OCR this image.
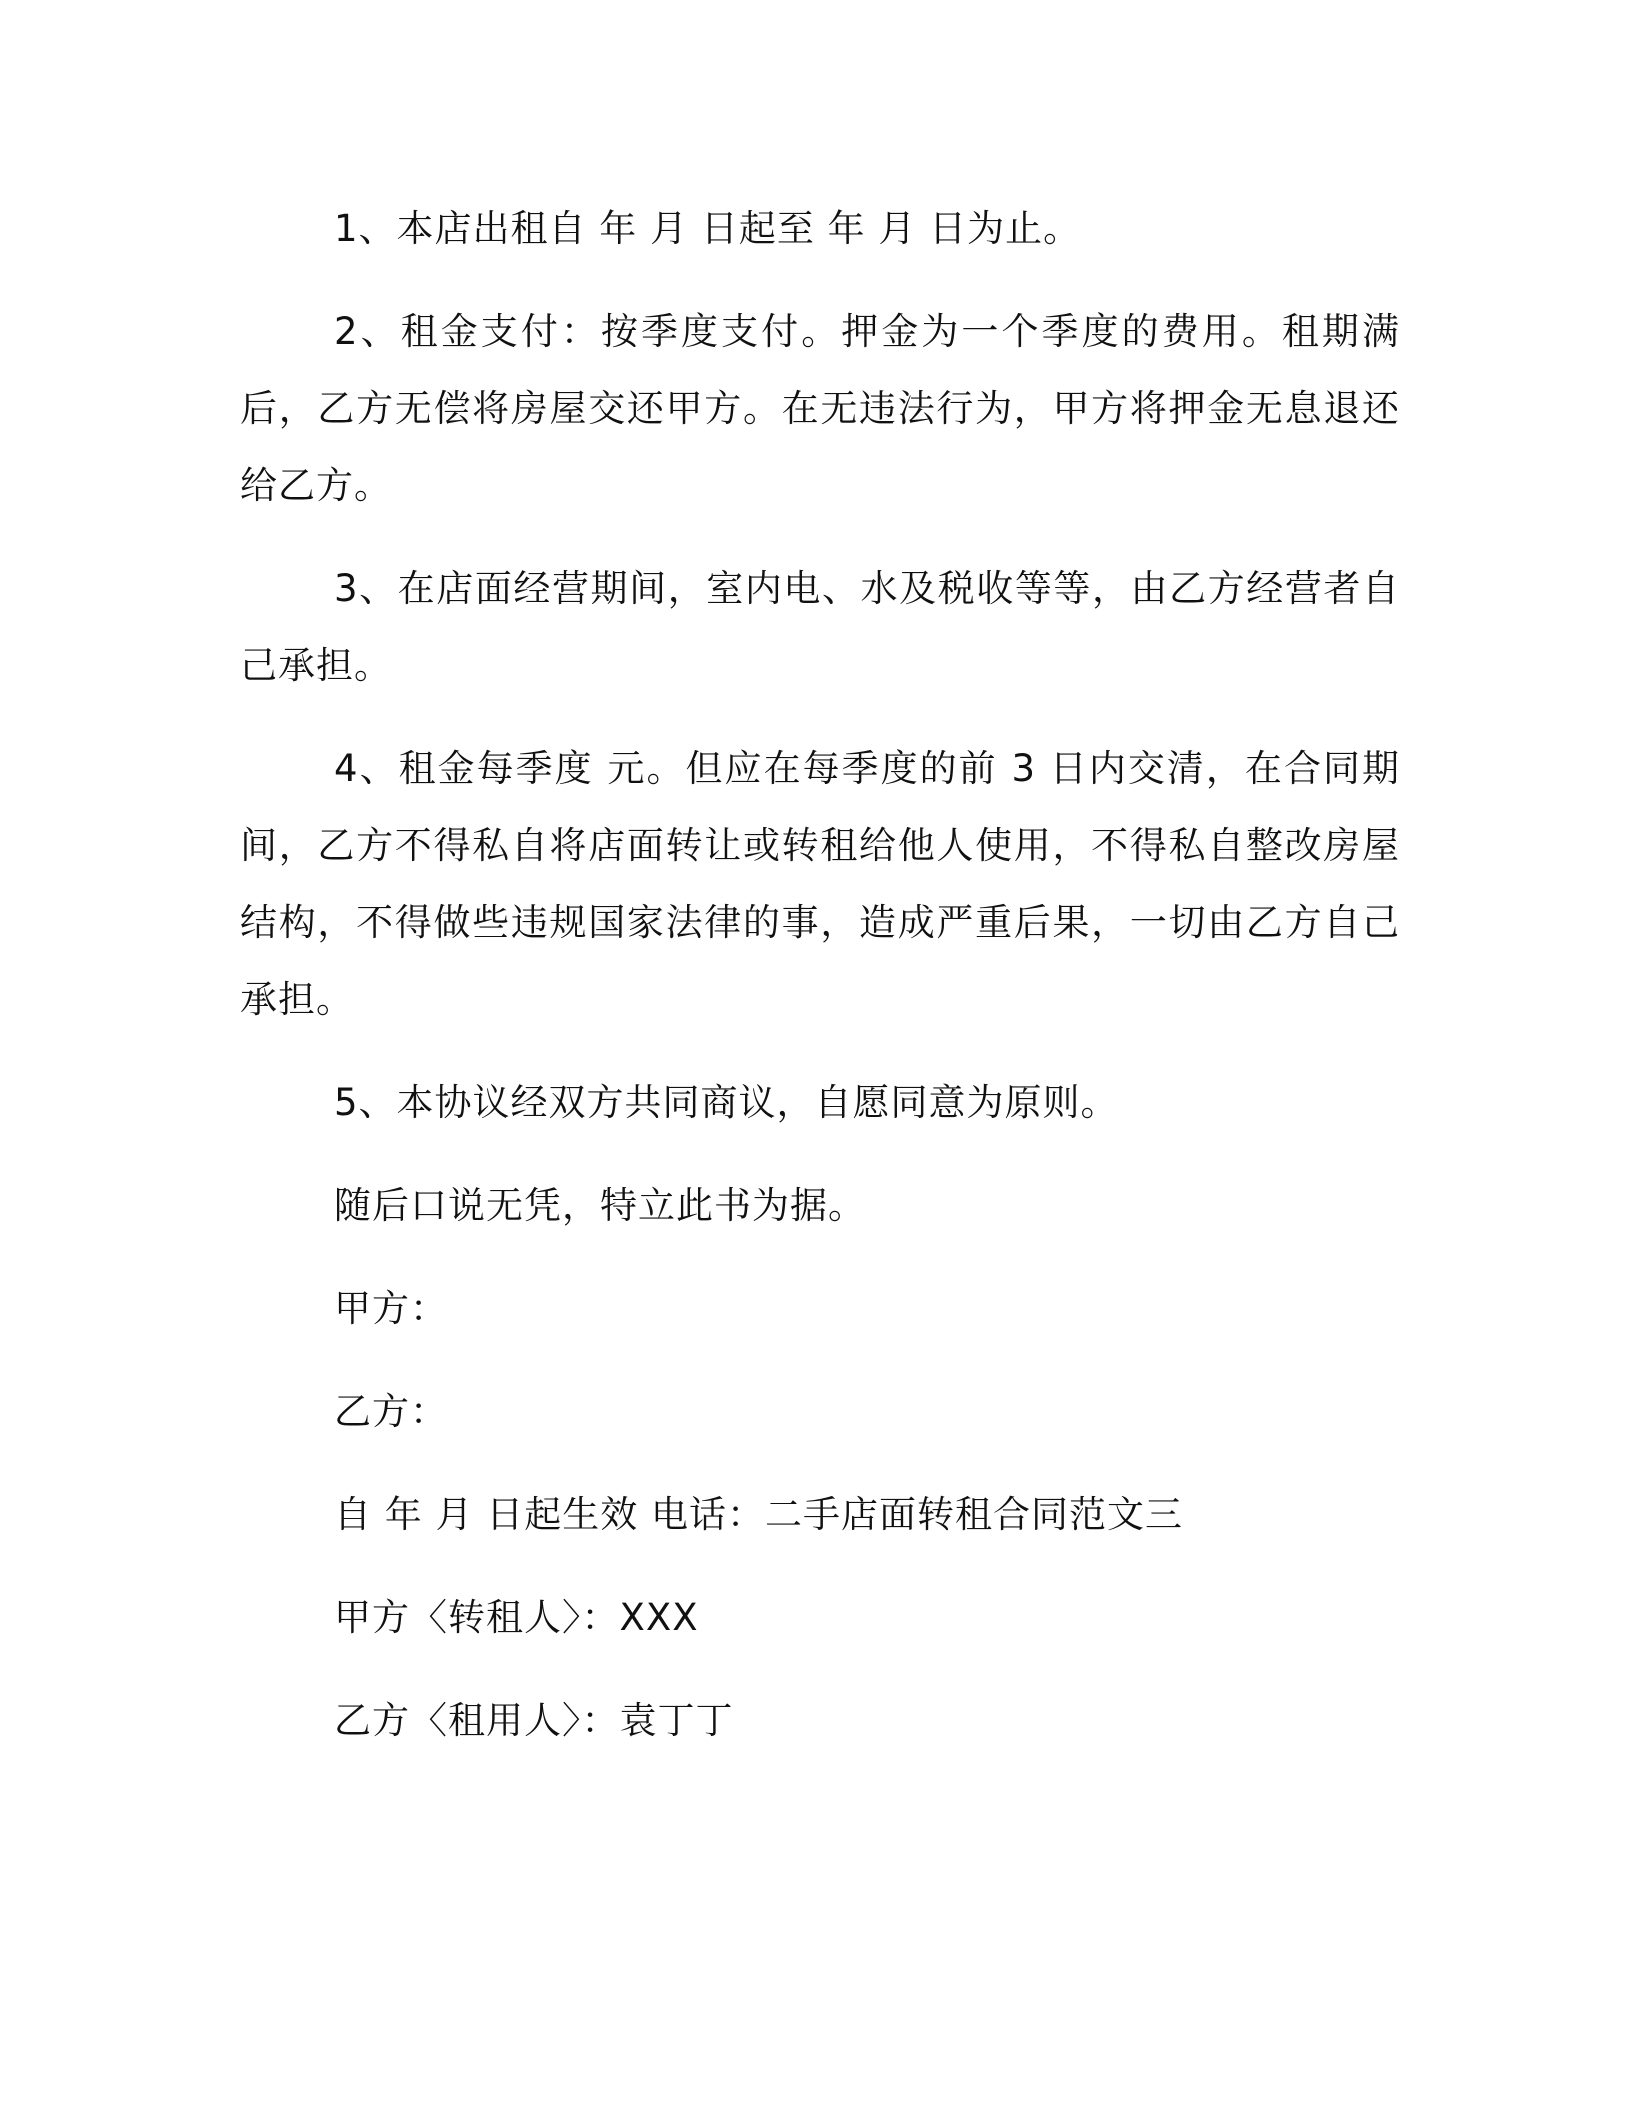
1、本店出租自 年 月 日起至 年 月 日为止。

2、租金支付：按季度支付。押金为一个季度的费用。租期满后，乙方无偿将房屋交还甲方。在无违法行为，甲方将押金无息退还给乙方。

3、在店面经营期间，室内电、水及税收等等，由乙方经营者自己承担。

4、租金每季度 元。但应在每季度的前 3 日内交清，在合同期间，乙方不得私自将店面转让或转租给他人使用，不得私自整改房屋结构，不得做些违规国家法律的事，造成严重后果，一切由乙方自己承担。

5、本协议经双方共同商议，自愿同意为原则。

随后口说无凭，特立此书为据。

甲方：

乙方：

自 年 月 日起生效 电话：二手店面转租合同范文三

甲方〈转租人〉：XXX

乙方〈租用人〉：袁丁丁
